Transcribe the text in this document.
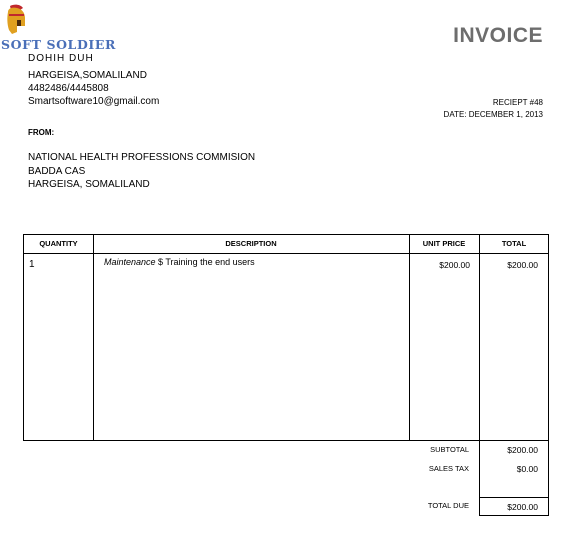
SOFT SOLDIER
DOHIH DUH
INVOICE
HARGEISA,SOMALILAND
4482486/4445808
Smartsoftware10@gmail.com	RECIEPT #48
DATE: DECEMBER 1, 2013
FROM:
NATIONAL HEALTH PROFESSIONS COMMISION
BADDA CAS
HARGEISA, SOMALILAND
QUANTITY	DESCRIPTION	UNIT PRICE	TOTAL
1	Maintenance $ Training the end users	$200.00	$200.00
SUBTOTAL	$200.00
SALES TAX	$0.00
TOTAL DUE	$200.00
